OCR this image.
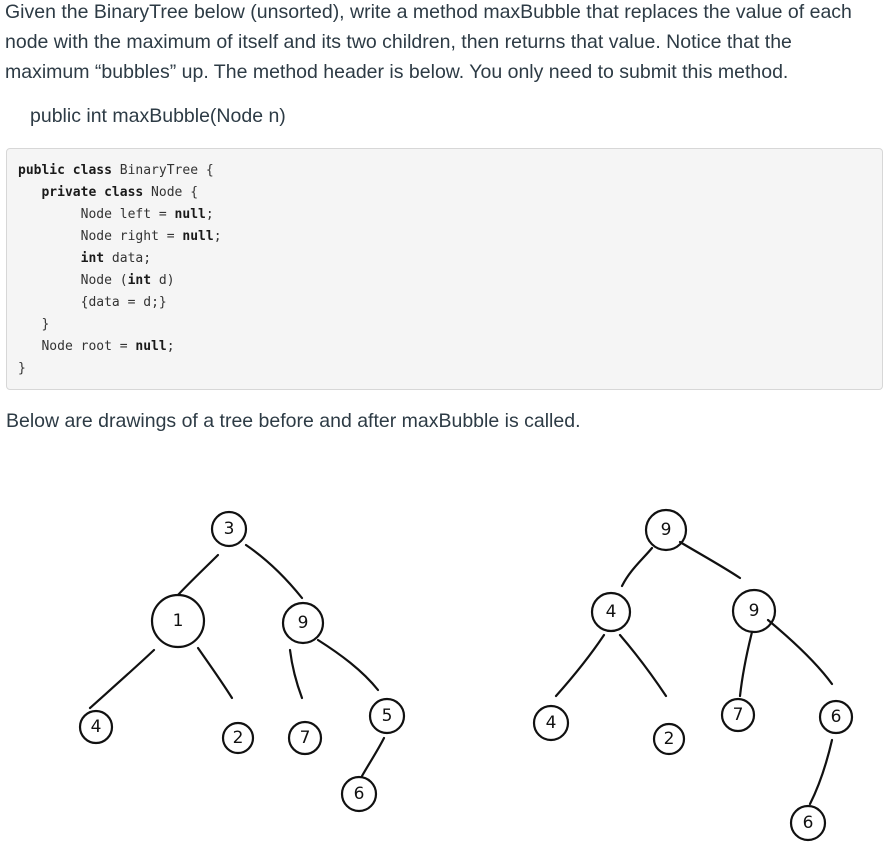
Given the BinaryTree below (unsorted), write a method maxBubble that replaces the value of each node with the maximum of itself and its two children, then returns that value. Notice that the maximum “bubbles” up. The method header is below. You only need to submit this method.

public int maxBubble(Node n)

public class BinaryTree {
private class Node {
Node left = null;
Node right = null;
int data;
Node (int d)
{data = d;}
}
Node root = null;
}

Below are drawings of a tree before and after maxBubble is called.

3
1	9
4
2	7
5
6
9
4	9
4
2
7	6
6
